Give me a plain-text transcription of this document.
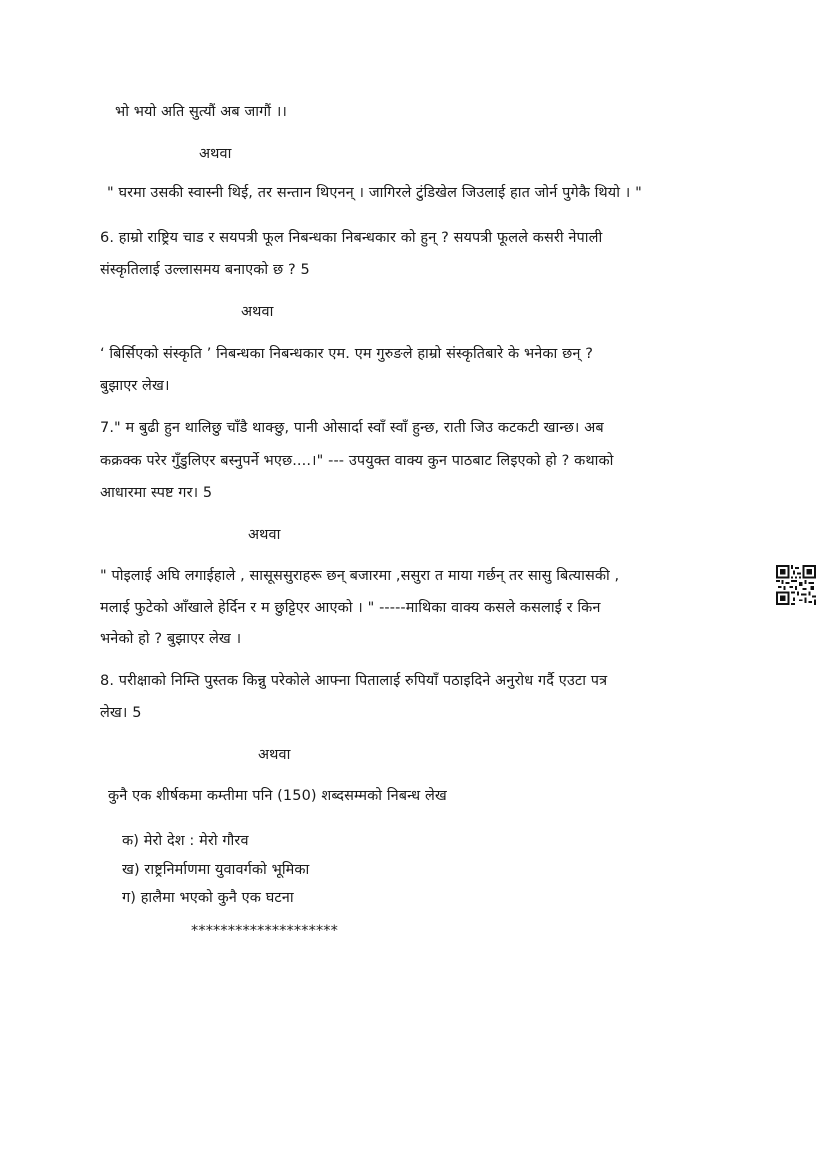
भो भयो अति सुत्यौं अब जागौं ।।
अथवा
" घरमा उसकी स्वास्नी थिई, तर सन्तान थिएनन् । जागिरले टुंडिखेल जिउलाई हात जोर्न पुगेकै थियो । "
6. हाम्रो राष्ट्रिय चाड र सयपत्री फूल निबन्धका निबन्धकार को हुन् ? सयपत्री फूलले कसरी नेपाली
संस्कृतिलाई उल्लासमय बनाएको छ ? 5
अथवा
‘ बिर्सिएको संस्कृति ’ निबन्धका निबन्धकार एम. एम गुरुङले हाम्रो संस्कृतिबारे के भनेका छन् ?
बुझाएर लेख।
7." म बुढी हुन थालिछु चाँडै थाक्छु, पानी ओसार्दा स्वाँ स्वाँ हुन्छ, राती जिउ कटकटी खान्छ। अब
कक्रक्क परेर गुँडुलिएर बस्नुपर्ने भएछ....।" --- उपयुक्त वाक्य कुन पाठबाट लिइएको हो ? कथाको
आधारमा स्पष्ट गर। 5
अथवा
" पोइलाई अघि लगाईहाले , सासूससुराहरू छन् बजारमा ,ससुरा त माया गर्छन् तर सासु बित्यासकी ,
मलाई फुटेको आँखाले हेर्दिन र म छुट्टिएर आएको । " -----माथिका वाक्य कसले कसलाई र किन
भनेको हो ? बुझाएर लेख ।
8. परीक्षाको निम्ति पुस्तक किन्नु परेकोले आफ्ना पितालाई रुपियाँ पठाइदिने अनुरोध गर्दै एउटा पत्र
लेख। 5
अथवा
कुनै एक शीर्षकमा कम्तीमा पनि (150) शब्दसम्मको निबन्ध लेख
क) मेरो देश : मेरो गौरव
ख) राष्ट्रनिर्माणमा युवावर्गको भूमिका
ग) हालैमा भएको कुनै एक घटना
********************
